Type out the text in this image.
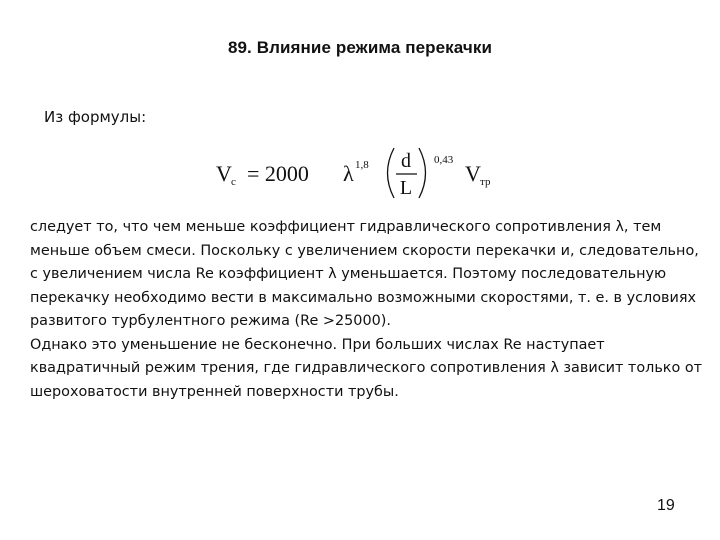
89. Влияние режима перекачки
Из формулы:
V с = 2000 λ 1,8 d
L
0,43
V тр

следует то, что чем меньше коэффициент гидравлического сопротивления λ, тем меньше объем смеси. Поскольку с увеличением скорости перекачки и, следовательно, с увеличением числа Re коэффициент λ уменьшается. Поэтому последовательную перекачку необходимо вести в максимально возможными скоростями, т. е. в условиях развитого турбулентного режима (Re >25000).

Однако это уменьшение не бесконечно. При больших числах Re наступает квадратичный режим трения, где гидравлического сопротивления λ зависит только от шероховатости внутренней поверхности трубы.

19
